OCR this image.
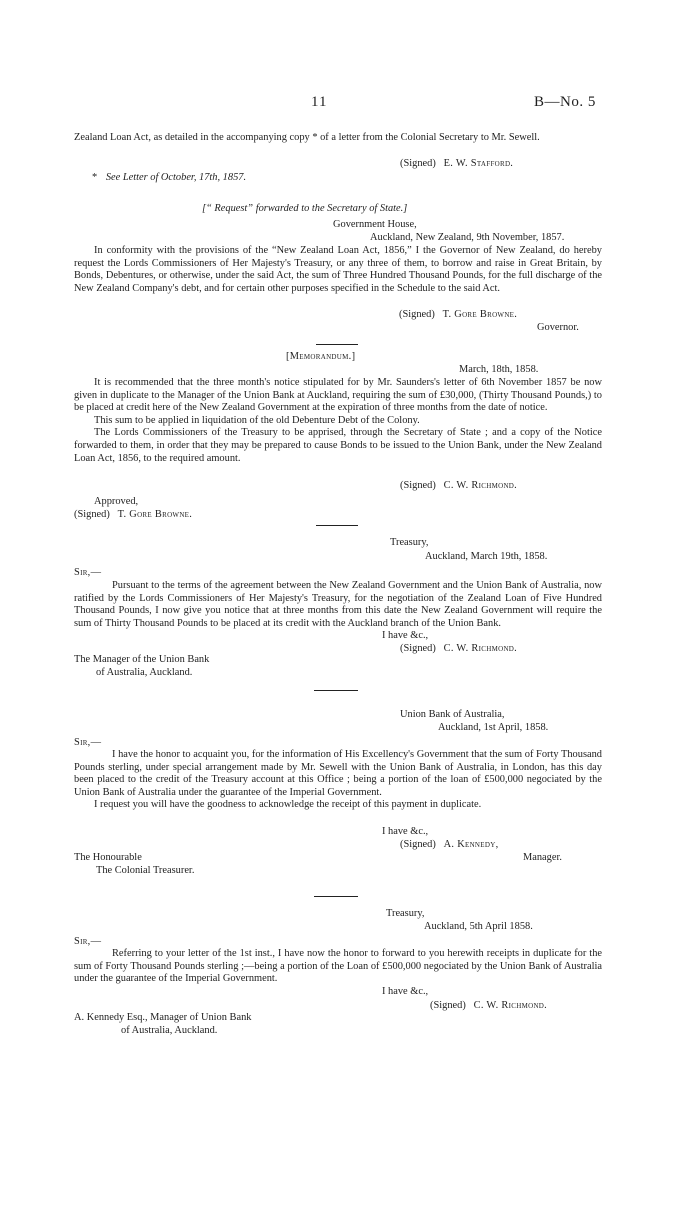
11	B—No. 5

Zealand Loan Act, as detailed in the accompanying copy * of a letter from the Colonial Secretary to Mr. Sewell.

(Signed) E. W. Stafford.
* See Letter of October, 17th, 1857.
[“ Request” forwarded to the Secretary of State.]
Government House,
Auckland, New Zealand, 9th November, 1857.

In conformity with the provisions of the “New Zealand Loan Act, 1856,” I the Governor of New Zealand, do hereby request the Lords Commissioners of Her Majesty's Treasury, or any three of them, to borrow and raise in Great Britain, by Bonds, Debentures, or otherwise, under the said Act, the sum of Three Hundred Thousand Pounds, for the full discharge of the New Zealand Company's debt, and for certain other purposes specified in the Schedule to the said Act.

(Signed) T. Gore Browne.
Governor.
[Memorandum.]
March, 18th, 1858.

It is recommended that the three month's notice stipulated for by Mr. Saunders's letter of 6th November 1857 be now given in duplicate to the Manager of the Union Bank at Auckland, requiring the sum of £30,000, (Thirty Thousand Pounds,) to be placed at credit here of the New Zealand Government at the expiration of three months from the date of notice.

This sum to be applied in liquidation of the old Debenture Debt of the Colony.

The Lords Commissioners of the Treasury to be apprised, through the Secretary of State ; and a copy of the Notice forwarded to them, in order that they may be prepared to cause Bonds to be issued to the Union Bank, under the New Zealand Loan Act, 1856, to the required amount.

(Signed) C. W. Richmond.
Approved,
(Signed) T. Gore Browne.
Treasury,
Auckland, March 19th, 1858.
Sir,—

Pursuant to the terms of the agreement between the New Zealand Government and the Union Bank of Australia, now ratified by the Lords Commissioners of Her Majesty's Treasury, for the negotiation of the Zealand Loan of Five Hundred Thousand Pounds, I now give you notice that at three months from this date the New Zealand Government will require the sum of Thirty Thousand Pounds to be placed at its credit with the Auckland branch of the Union Bank.

I have &c.,
(Signed) C. W. Richmond.
The Manager of the Union Bank
of Australia, Auckland.
Union Bank of Australia,
Auckland, 1st April, 1858.
Sir,—

I have the honor to acquaint you, for the information of His Excellency's Government that the sum of Forty Thousand Pounds sterling, under special arrangement made by Mr. Sewell with the Union Bank of Australia, in London, has this day been placed to the credit of the Treasury account at this Office ; being a portion of the loan of £500,000 negociated by the Union Bank of Australia under the guarantee of the Imperial Government.

I request you will have the goodness to acknowledge the receipt of this payment in duplicate.

I have &c.,
(Signed) A. Kennedy,
Manager.
The Honourable
The Colonial Treasurer.
Treasury,
Auckland, 5th April 1858.
Sir,—

Referring to your letter of the 1st inst., I have now the honor to forward to you herewith receipts in duplicate for the sum of Forty Thousand Pounds sterling ;—being a portion of the Loan of £500,000 negociated by the Union Bank of Australia under the guarantee of the Imperial Government.

I have &c.,
(Signed) C. W. Richmond.
A. Kennedy Esq., Manager of Union Bank
of Australia, Auckland.
